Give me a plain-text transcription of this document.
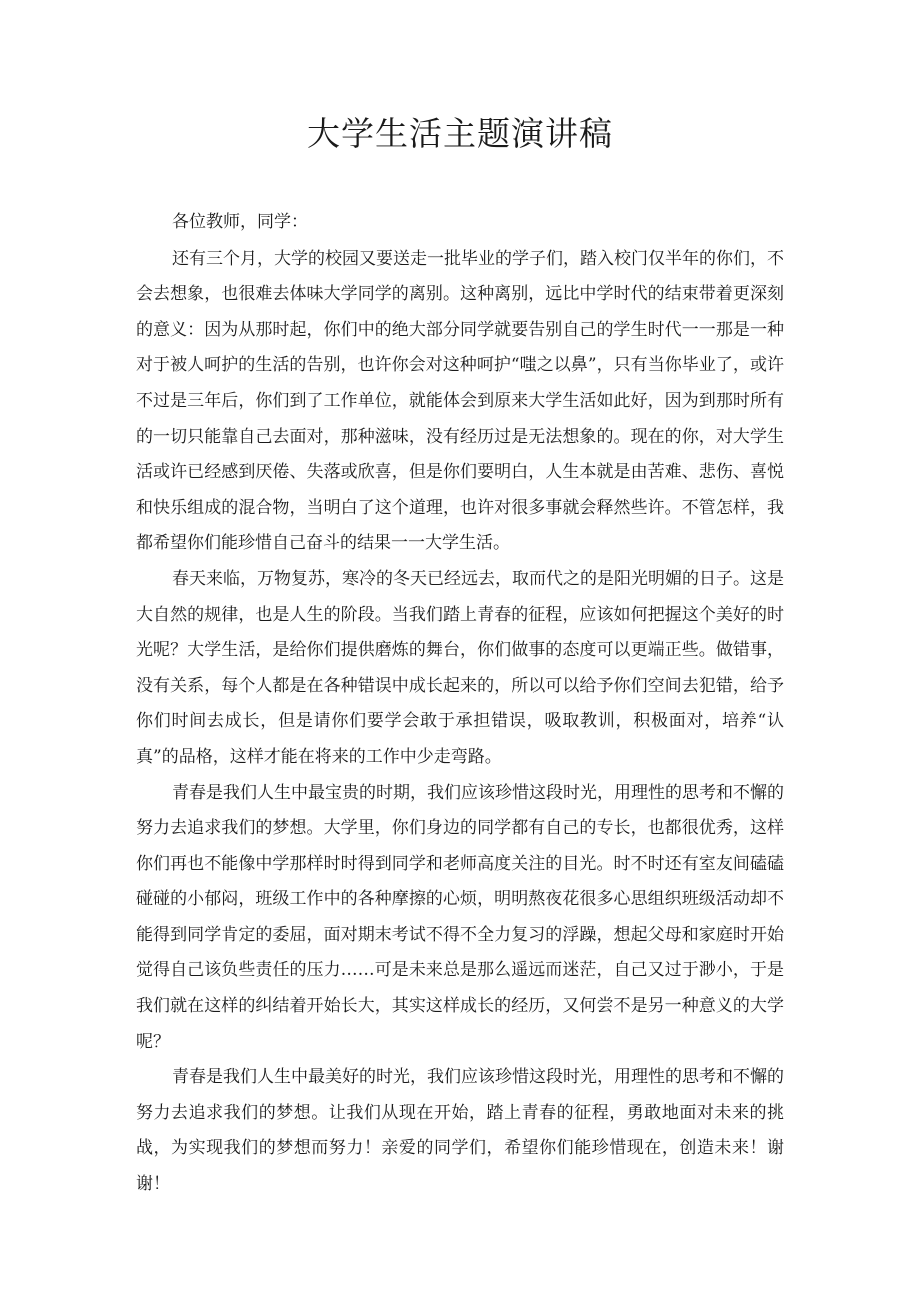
大学生活主题演讲稿

各位教师，同学：

还有三个月，大学的校园又要送走一批毕业的学子们，踏入校门仅半年的你们，不会去想象，也很难去体味大学同学的离别。这种离别，远比中学时代的结束带着更深刻的意义：因为从那时起，你们中的绝大部分同学就要告别自己的学生时代一一那是一种对于被人呵护的生活的告别，也许你会对这种呵护“嗤之以鼻”，只有当你毕业了，或许不过是三年后，你们到了工作单位，就能体会到原来大学生活如此好，因为到那时所有的一切只能靠自己去面对，那种滋味，没有经历过是无法想象的。现在的你，对大学生活或许已经感到厌倦、失落或欣喜，但是你们要明白，人生本就是由苦难、悲伤、喜悦和快乐组成的混合物，当明白了这个道理，也许对很多事就会释然些许。不管怎样，我都希望你们能珍惜自己奋斗的结果一一大学生活。

春天来临，万物复苏，寒冷的冬天已经远去，取而代之的是阳光明媚的日子。这是大自然的规律，也是人生的阶段。当我们踏上青春的征程，应该如何把握这个美好的时光呢？大学生活，是给你们提供磨炼的舞台，你们做事的态度可以更端正些。做错事，没有关系，每个人都是在各种错误中成长起来的，所以可以给予你们空间去犯错，给予你们时间去成长，但是请你们要学会敢于承担错误，吸取教训，积极面对，培养“认真”的品格，这样才能在将来的工作中少走弯路。

青春是我们人生中最宝贵的时期，我们应该珍惜这段时光，用理性的思考和不懈的努力去追求我们的梦想。大学里，你们身边的同学都有自己的专长，也都很优秀，这样你们再也不能像中学那样时时得到同学和老师高度关注的目光。时不时还有室友间磕磕碰碰的小郁闷，班级工作中的各种摩擦的心烦，明明熬夜花很多心思组织班级活动却不能得到同学肯定的委屈，面对期末考试不得不全力复习的浮躁，想起父母和家庭时开始觉得自己该负些责任的压力……可是未来总是那么遥远而迷茫，自己又过于渺小，于是我们就在这样的纠结着开始长大，其实这样成长的经历，又何尝不是另一种意义的大学呢？

青春是我们人生中最美好的时光，我们应该珍惜这段时光，用理性的思考和不懈的努力去追求我们的梦想。让我们从现在开始，踏上青春的征程，勇敢地面对未来的挑战，为实现我们的梦想而努力！亲爱的同学们，希望你们能珍惜现在，创造未来！谢谢！
